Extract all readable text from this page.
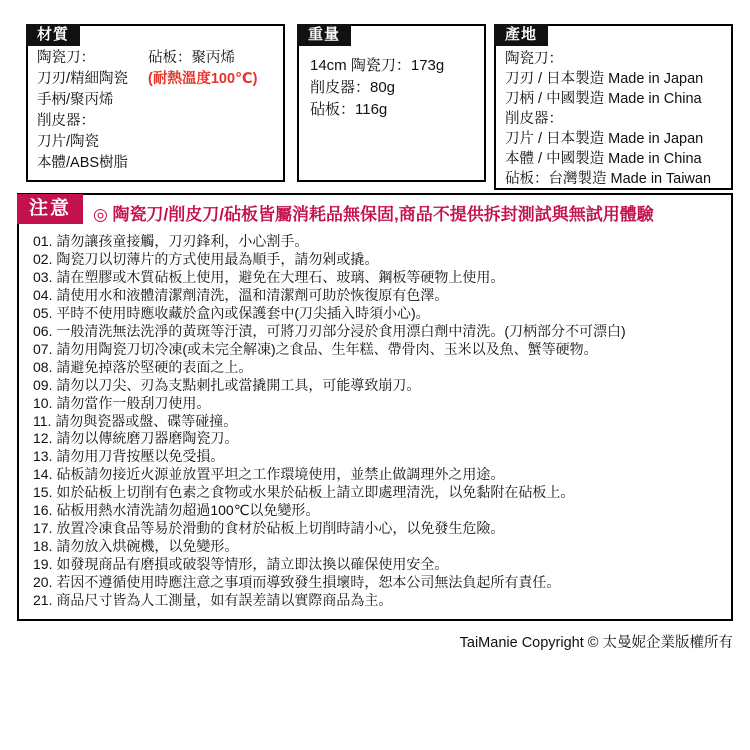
材質
陶瓷刀：
刀刃/精細陶瓷
手柄/聚丙烯
削皮器：
刀片/陶瓷
本體/ABS樹脂
砧板：聚丙烯
(耐熱溫度100℃)
重量
14cm 陶瓷刀：173g
削皮器：80g
砧板：116g
產地
陶瓷刀：
刀刃 / 日本製造 Made in Japan
刀柄 / 中國製造 Made in China
削皮器：
刀片 / 日本製造 Made in Japan
本體 / 中國製造 Made in China
砧板：台灣製造 Made in Taiwan
注意	◎ 陶瓷刀/削皮刀/砧板皆屬消耗品無保固,商品不提供拆封測試與無試用體驗
01. 請勿讓孩童接觸，刀刃鋒利，小心割手。
02. 陶瓷刀以切薄片的方式使用最為順手，請勿剁或撬。
03. 請在塑膠或木質砧板上使用，避免在大理石、玻璃、鋼板等硬物上使用。
04. 請使用水和液體清潔劑清洗，溫和清潔劑可助於恢復原有色澤。
05. 平時不使用時應收藏於盒內或保護套中(刀尖插入時須小心)。
06. 一般清洗無法洗淨的黃斑等汙漬，可將刀刃部分浸於食用漂白劑中清洗。(刀柄部分不可漂白)
07. 請勿用陶瓷刀切冷凍(或未完全解凍)之食品、生年糕、帶骨肉、玉米以及魚、蟹等硬物。
08. 請避免掉落於堅硬的表面之上。
09. 請勿以刀尖、刃為支點刺扎或當撬開工具，可能導致崩刀。
10. 請勿當作一般刮刀使用。
11. 請勿與瓷器或盤、碟等碰撞。
12. 請勿以傳統磨刀器磨陶瓷刀。
13. 請勿用刀背按壓以免受損。
14. 砧板請勿接近火源並放置平坦之工作環境使用，並禁止做調理外之用途。
15. 如於砧板上切削有色素之食物或水果於砧板上請立即處理清洗，以免黏附在砧板上。
16. 砧板用熱水清洗請勿超過100℃以免變形。
17. 放置冷凍食品等易於滑動的食材於砧板上切削時請小心，以免發生危險。
18. 請勿放入烘碗機，以免變形。
19. 如發現商品有磨損或破裂等情形，請立即汰換以確保使用安全。
20. 若因不遵循使用時應注意之事項而導致發生損壞時，恕本公司無法負起所有責任。
21. 商品尺寸皆為人工測量，如有誤差請以實際商品為主。
TaiManie Copyright © 太曼妮企業版權所有
